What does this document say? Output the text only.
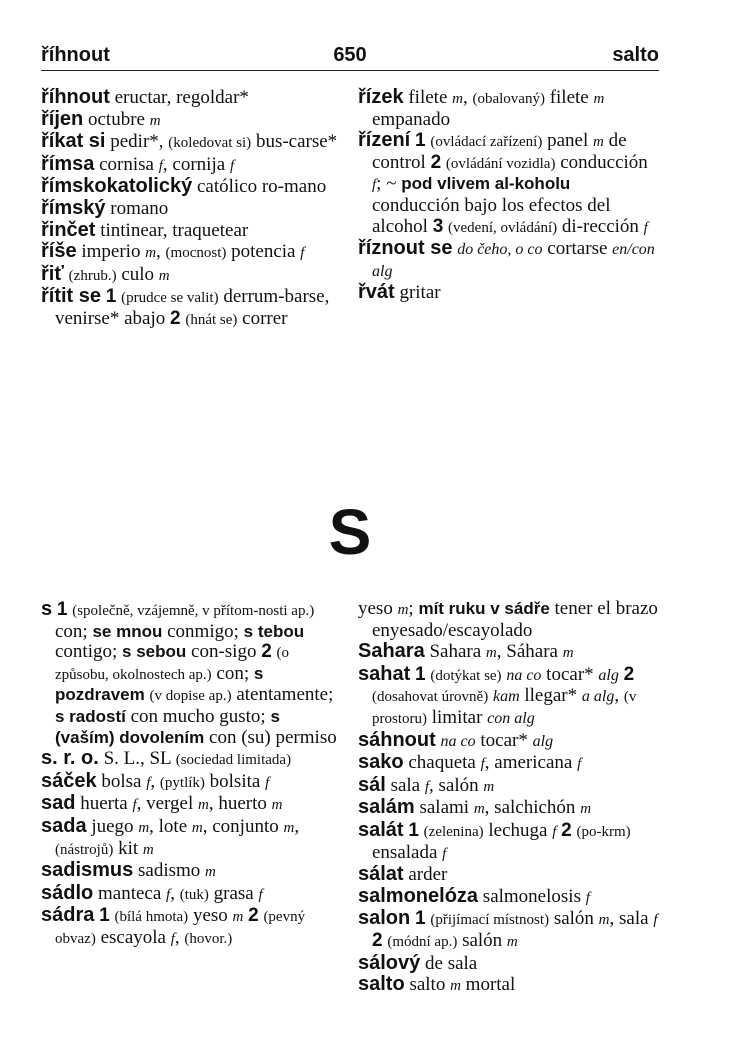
říhnout	650	salto

říhnout eructar, regoldar*

říjen octubre m

říkat si pedir*, (koledovat si) bus-carse*

římsa cornisa f, cornija f

římskokatolický católico ro-mano

římský romano

řinčet tintinear, traquetear

říše imperio m, (mocnost) potencia f

řiť (zhrub.) culo m

řítit se 1 (prudce se valit) derrum-barse, venirse* abajo 2 (hnát se) correr

řízek filete m, (obalovaný) filete m empanado

řízení 1 (ovládací zařízení) panel m de control 2 (ovládání vozidla) conducción f; ~ pod vlivem al-koholu conducción bajo los efectos del alcohol 3 (vedení, ovládání) di-rección f

říznout se do čeho, o co cortarse en/con alg

řvát gritar

S

s 1 (společně, vzájemně, v přítom-nosti ap.) con; se mnou conmigo; s tebou contigo; s sebou con-sigo 2 (o způsobu, okolnostech ap.) con; s pozdravem (v dopise ap.) atentamente; s radostí con mucho gusto; s (vaším) dovolením con (su) permiso

s. r. o. S. L., SL (sociedad limitada)

sáček bolsa f, (pytlík) bolsita f

sad huerta f, vergel m, huerto m

sada juego m, lote m, conjunto m, (nástrojů) kit m

sadismus sadismo m

sádlo manteca f, (tuk) grasa f

sádra 1 (bílá hmota) yeso m 2 (pevný obvaz) escayola f, (hovor.)

yeso m; mít ruku v sádře tener el brazo enyesado/escayolado

Sahara Sahara m, Sáhara m

sahat 1 (dotýkat se) na co tocar* alg 2 (dosahovat úrovně) kam llegar* a alg, (v prostoru) limitar con alg

sáhnout na co tocar* alg

sako chaqueta f, americana f

sál sala f, salón m

salám salami m, salchichón m

salát 1 (zelenina) lechuga f 2 (po-krm) ensalada f

sálat arder

salmonelóza salmonelosis f

salon 1 (přijímací místnost) salón m, sala f 2 (módní ap.) salón m

sálový de sala

salto salto m mortal
